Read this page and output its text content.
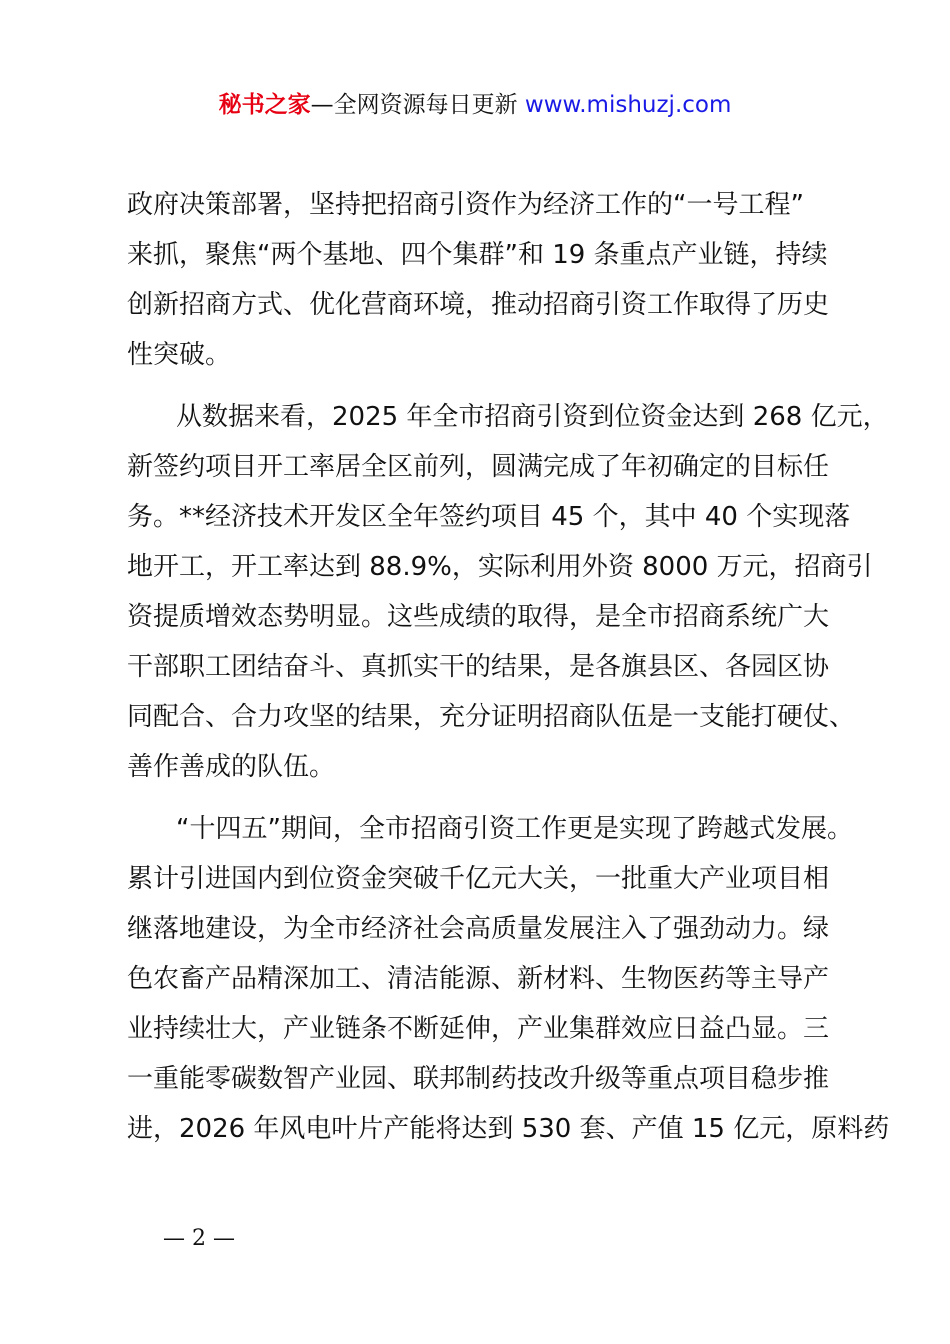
秘书之家—全网资源每日更新 www.mishuzj.com
政府决策部署，坚持把招商引资作为经济工作的“一号工程”
来抓，聚焦“两个基地、四个集群”和 19 条重点产业链，持续
创新招商方式、优化营商环境，推动招商引资工作取得了历史
性突破。
从数据来看，2025 年全市招商引资到位资金达到 268 亿元，
新签约项目开工率居全区前列，圆满完成了年初确定的目标任
务。**经济技术开发区全年签约项目 45 个，其中 40 个实现落
地开工，开工率达到 88.9%，实际利用外资 8000 万元，招商引
资提质增效态势明显。这些成绩的取得，是全市招商系统广大
干部职工团结奋斗、真抓实干的结果，是各旗县区、各园区协
同配合、合力攻坚的结果，充分证明招商队伍是一支能打硬仗、
善作善成的队伍。
“十四五”期间，全市招商引资工作更是实现了跨越式发展。
累计引进国内到位资金突破千亿元大关，一批重大产业项目相
继落地建设，为全市经济社会高质量发展注入了强劲动力。绿
色农畜产品精深加工、清洁能源、新材料、生物医药等主导产
业持续壮大，产业链条不断延伸，产业集群效应日益凸显。三
一重能零碳数智产业园、联邦制药技改升级等重点项目稳步推
进，2026 年风电叶片产能将达到 530 套、产值 15 亿元，原料药
— 2 —
